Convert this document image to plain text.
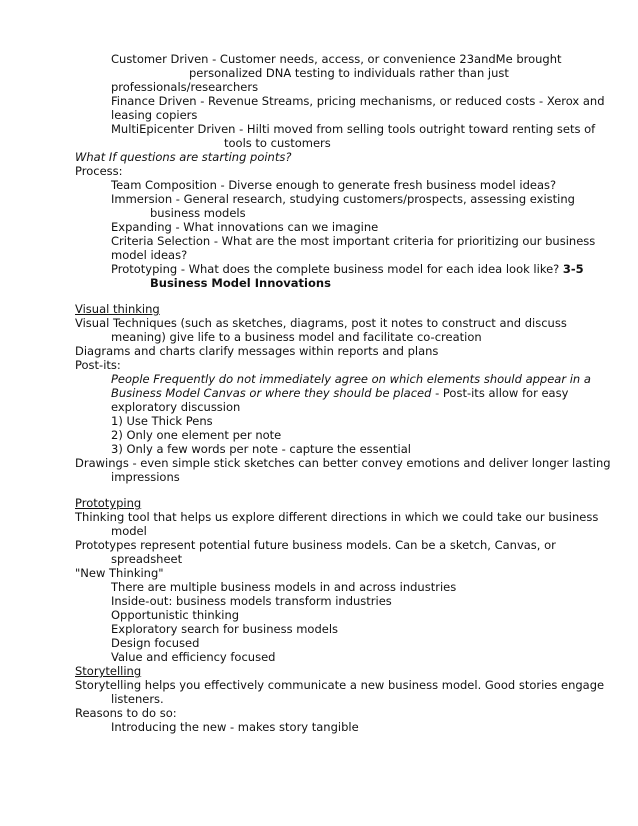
Customer Driven - Customer needs, access, or convenience 23andMe brought
personalized DNA testing to individuals rather than just
professionals/researchers
Finance Driven - Revenue Streams, pricing mechanisms, or reduced costs - Xerox and
leasing copiers
MultiEpicenter Driven - Hilti moved from selling tools outright toward renting sets of
tools to customers
What If questions are starting points?
Process:
Team Composition - Diverse enough to generate fresh business model ideas?
Immersion - General research, studying customers/prospects, assessing existing
business models
Expanding - What innovations can we imagine
Criteria Selection - What are the most important criteria for prioritizing our business
model ideas?
Prototyping - What does the complete business model for each idea look like? 3-5
Business Model Innovations
Visual thinking
Visual Techniques (such as sketches, diagrams, post it notes to construct and discuss
meaning) give life to a business model and facilitate co-creation
Diagrams and charts clarify messages within reports and plans
Post-its:
People Frequently do not immediately agree on which elements should appear in a
Business Model Canvas or where they should be placed - Post-its allow for easy
exploratory discussion
1) Use Thick Pens
2) Only one element per note
3) Only a few words per note - capture the essential
Drawings - even simple stick sketches can better convey emotions and deliver longer lasting
impressions
Prototyping
Thinking tool that helps us explore different directions in which we could take our business
model
Prototypes represent potential future business models. Can be a sketch, Canvas, or
spreadsheet
"New Thinking"
There are multiple business models in and across industries
Inside-out: business models transform industries
Opportunistic thinking
Exploratory search for business models
Design focused
Value and efficiency focused
Storytelling
Storytelling helps you effectively communicate a new business model. Good stories engage
listeners.
Reasons to do so:
Introducing the new - makes story tangible
